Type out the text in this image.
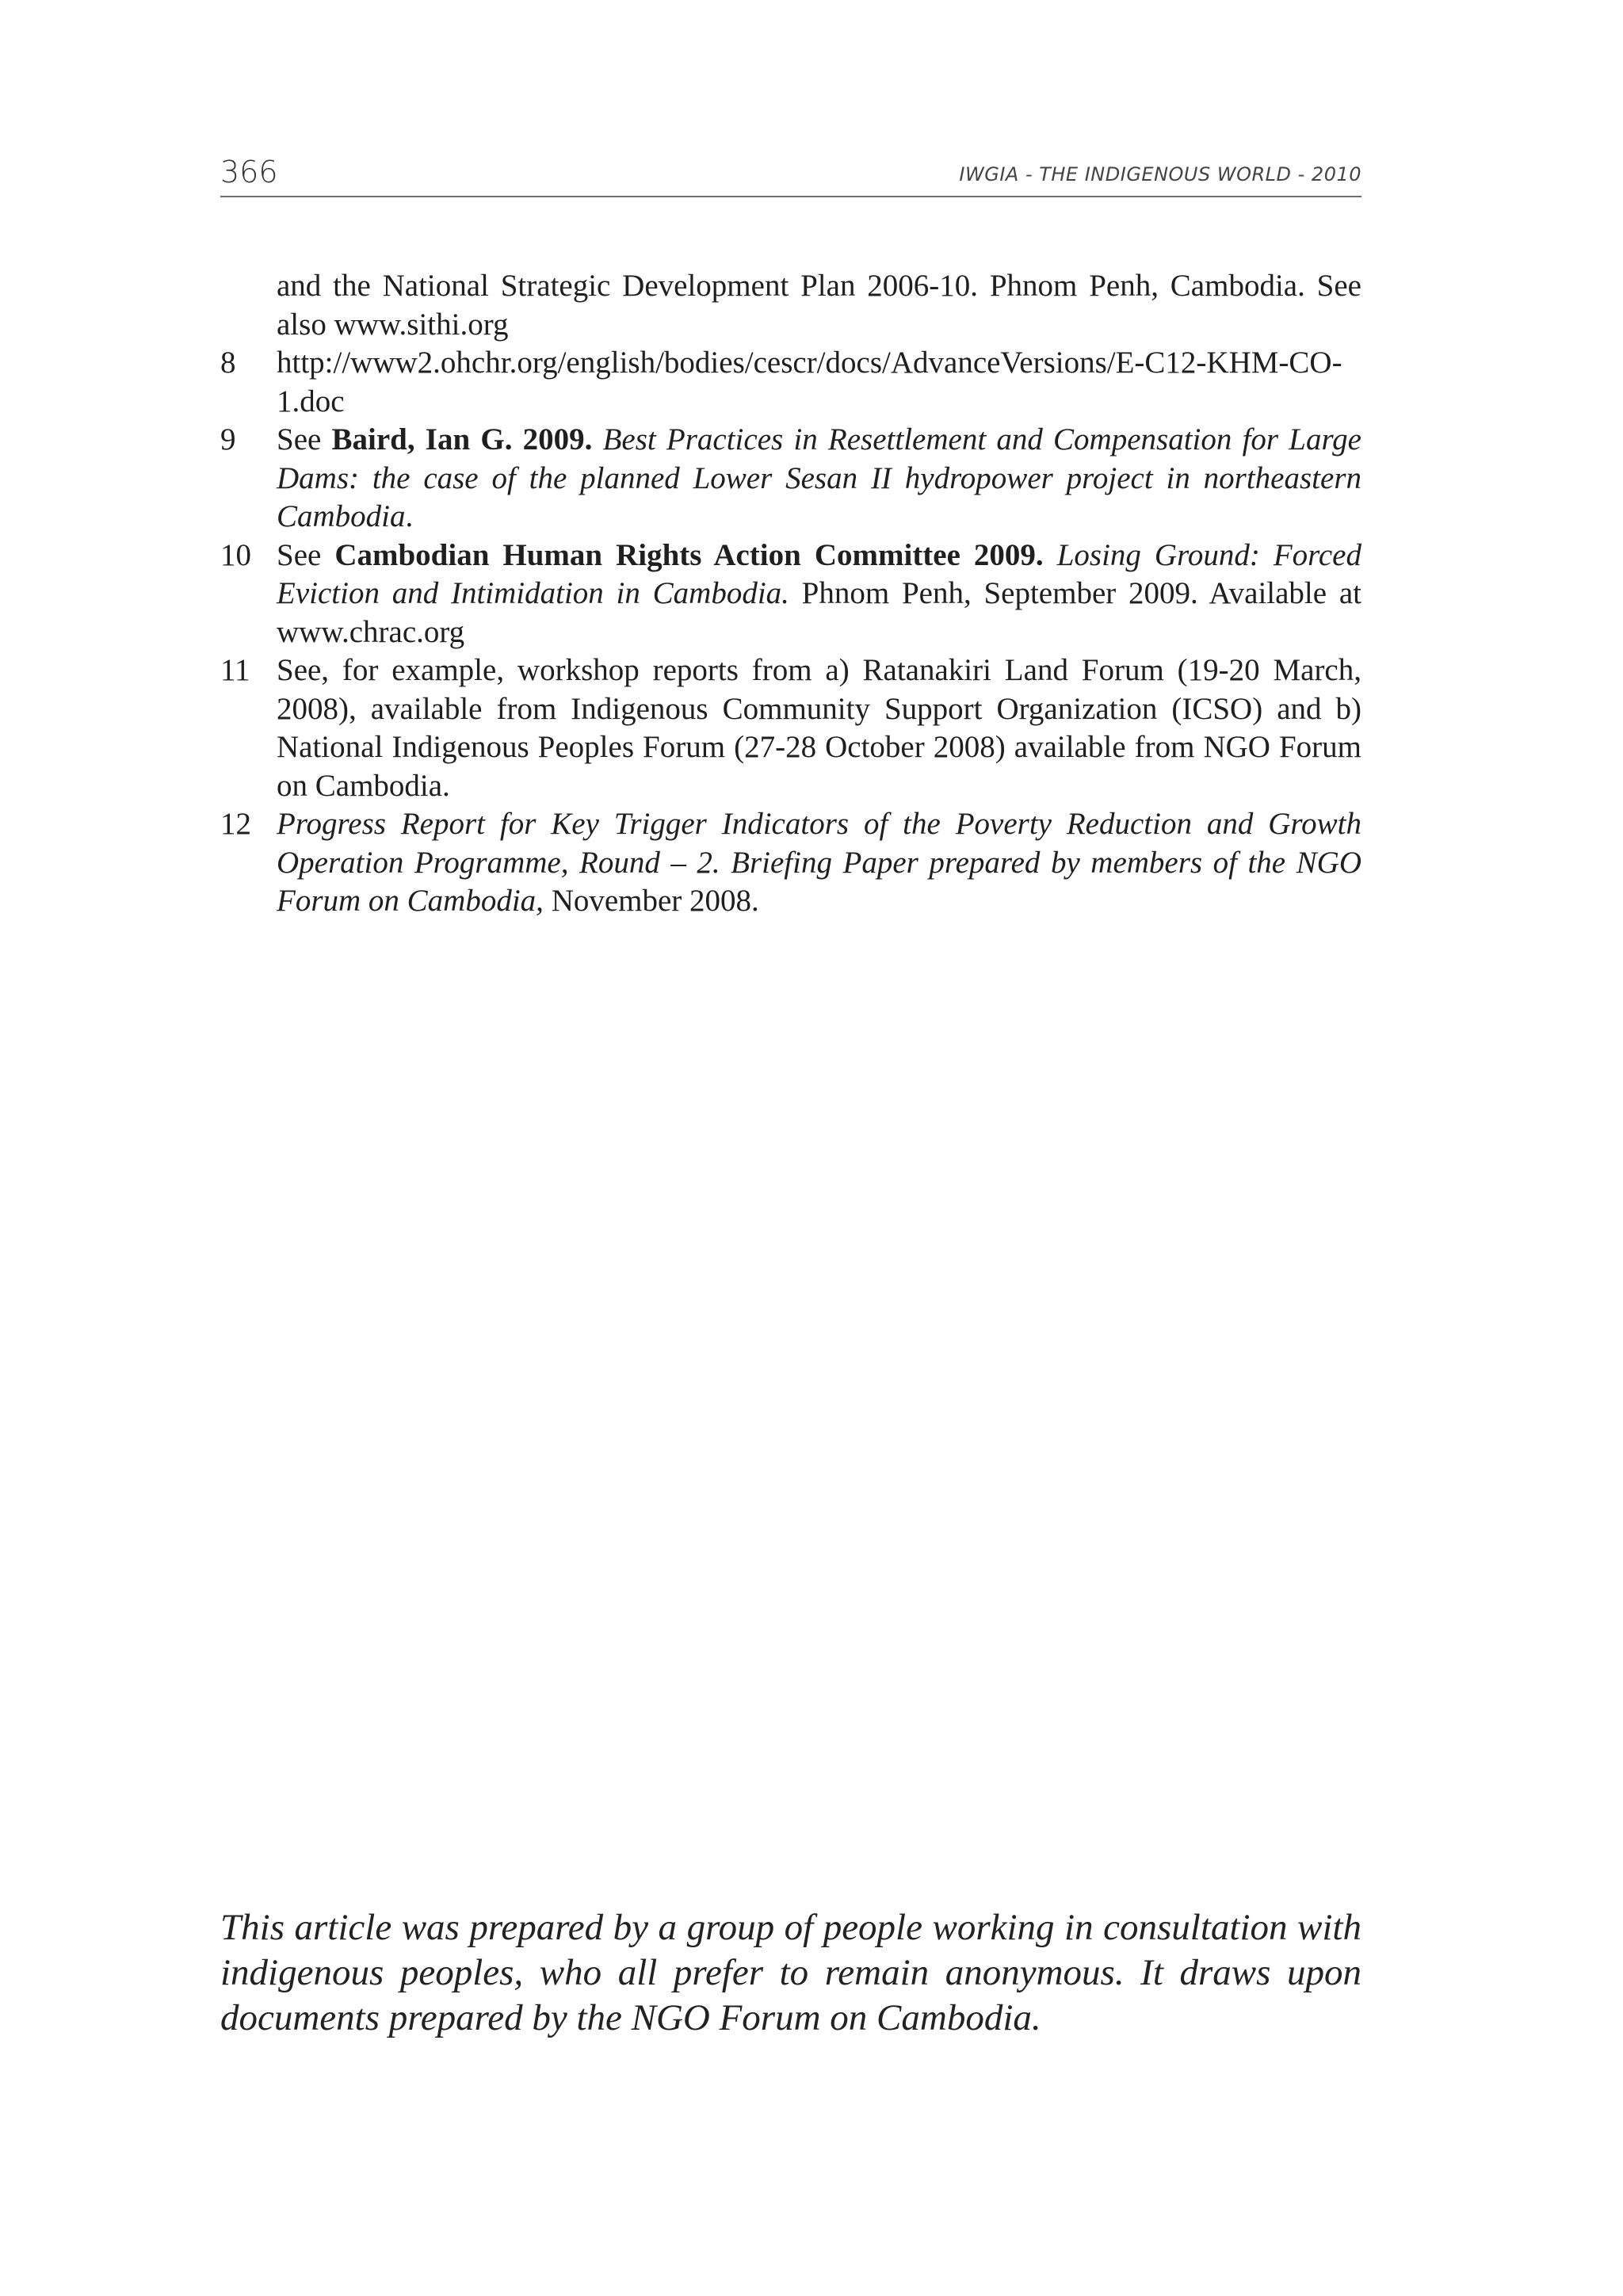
366	IWGIA - THE INDIGENOUS WORLD - 2010
and the National Strategic Development Plan 2006-10. Phnom Penh, Cambodia. See also www.sithi.org
8 http://www2.ohchr.org/english/bodies/cescr/docs/AdvanceVersions/E-C12-KHM-CO-1.doc
9 See Baird, Ian G. 2009. Best Practices in Resettlement and Compensation for Large Dams: the case of the planned Lower Sesan II hydropower project in northeastern Cambodia.
10 See Cambodian Human Rights Action Committee 2009. Losing Ground: Forced Eviction and Intimidation in Cambodia. Phnom Penh, September 2009. Available at www.chrac.org
11 See, for example, workshop reports from a) Ratanakiri Land Forum (19-20 March, 2008), available from Indigenous Community Support Organization (ICSO) and b) National Indigenous Peoples Forum (27-28 October 2008) available from NGO Forum on Cambodia.
12 Progress Report for Key Trigger Indicators of the Poverty Reduction and Growth Operation Programme, Round – 2. Briefing Paper prepared by members of the NGO Forum on Cambodia, November 2008.
This article was prepared by a group of people working in consultation with indigenous peoples, who all prefer to remain anonymous. It draws upon documents prepared by the NGO Forum on Cambodia.
